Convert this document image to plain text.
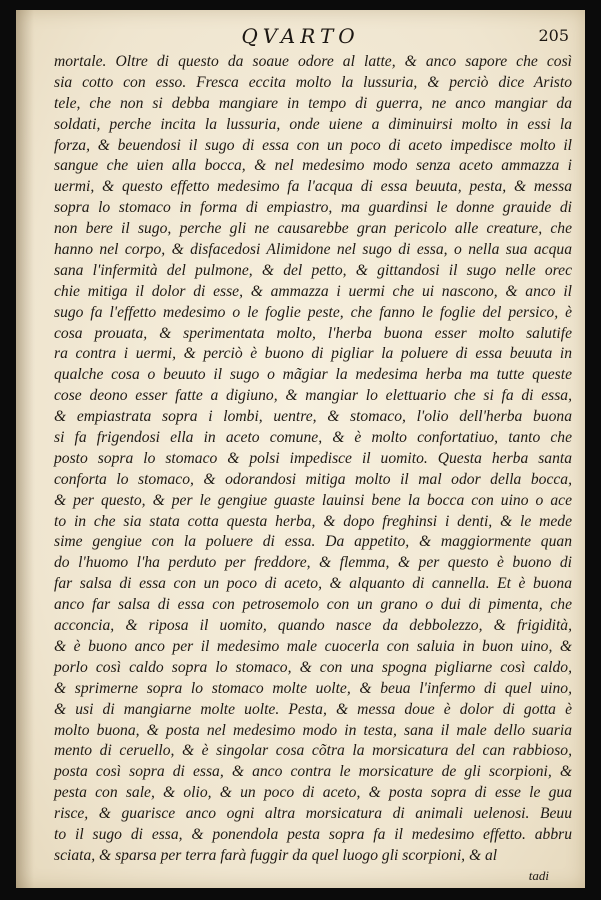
QVARTO	205
mortale. Oltre di questo da soaue odore al latte, & anco sapore che così
sia cotto con esso. Fresca eccita molto la lussuria, & perciò dice Aristo
tele, che non si debba mangiare in tempo di guerra, ne anco mangiar da
soldati, perche incita la lussuria, onde uiene a diminuirsi molto in essi la
forza, & beuendosi il sugo di essa con un poco di aceto impedisce molto il
sangue che uien alla bocca, & nel medesimo modo senza aceto ammazza i
uermi, & questo effetto medesimo fa l'acqua di essa beuuta, pesta, & messa
sopra lo stomaco in forma di empiastro, ma guardinsi le donne grauide di
non bere il sugo, perche gli ne causarebbe gran pericolo alle creature, che
hanno nel corpo, & disfacedosi Alimidone nel sugo di essa, o nella sua acqua
sana l'infermità del pulmone, & del petto, & gittandosi il sugo nelle orec
chie mitiga il dolor di esse, & ammazza i uermi che ui nascono, & anco il
sugo fa l'effetto medesimo o le foglie peste, che fanno le foglie del persico, è
cosa prouata, & sperimentata molto, l'herba buona esser molto salutife
ra contra i uermi, & perciò è buono di pigliar la poluere di essa beuuta in
qualche cosa o beuuto il sugo o mãgiar la medesima herba ma tutte queste
cose deono esser fatte a digiuno, & mangiar lo elettuario che si fa di essa,
& empiastrata sopra i lombi, uentre, & stomaco, l'olio dell'herba buona
si fa frigendosi ella in aceto comune, & è molto confortatiuo, tanto che
posto sopra lo stomaco & polsi impedisce il uomito. Questa herba santa
conforta lo stomaco, & odorandosi mitiga molto il mal odor della bocca,
& per questo, & per le gengiue guaste lauinsi bene la bocca con uino o ace
to in che sia stata cotta questa herba, & dopo freghinsi i denti, & le mede
sime gengiue con la poluere di essa. Da appetito, & maggiormente quan
do l'huomo l'ha perduto per freddore, & flemma, & per questo è buono di
far salsa di essa con un poco di aceto, & alquanto di cannella. Et è buona
anco far salsa di essa con petrosemolo con un grano o dui di pimenta, che
acconcia, & riposa il uomito, quando nasce da debbolezzo, & frigidità,
& è buono anco per il medesimo male cuocerla con saluia in buon uino, &
porlo così caldo sopra lo stomaco, & con una spogna pigliarne così caldo,
& sprimerne sopra lo stomaco molte uolte, & beua l'infermo di quel uino,
& usi di mangiarne molte uolte. Pesta, & messa doue è dolor di gotta è
molto buona, & posta nel medesimo modo in testa, sana il male dello suaria
mento di ceruello, & è singolar cosa cõtra la morsicatura del can rabbioso,
posta così sopra di essa, & anco contra le morsicature de gli scorpioni, &
pesta con sale, & olio, & un poco di aceto, & posta sopra di esse le gua
risce, & guarisce anco ogni altra morsicatura di animali uelenosi. Beuu
to il sugo di essa, & ponendola pesta sopra fa il medesimo effetto. abbru
sciata, & sparsa per terra farà fuggir da quel luogo gli scorpioni, & al
tadi
